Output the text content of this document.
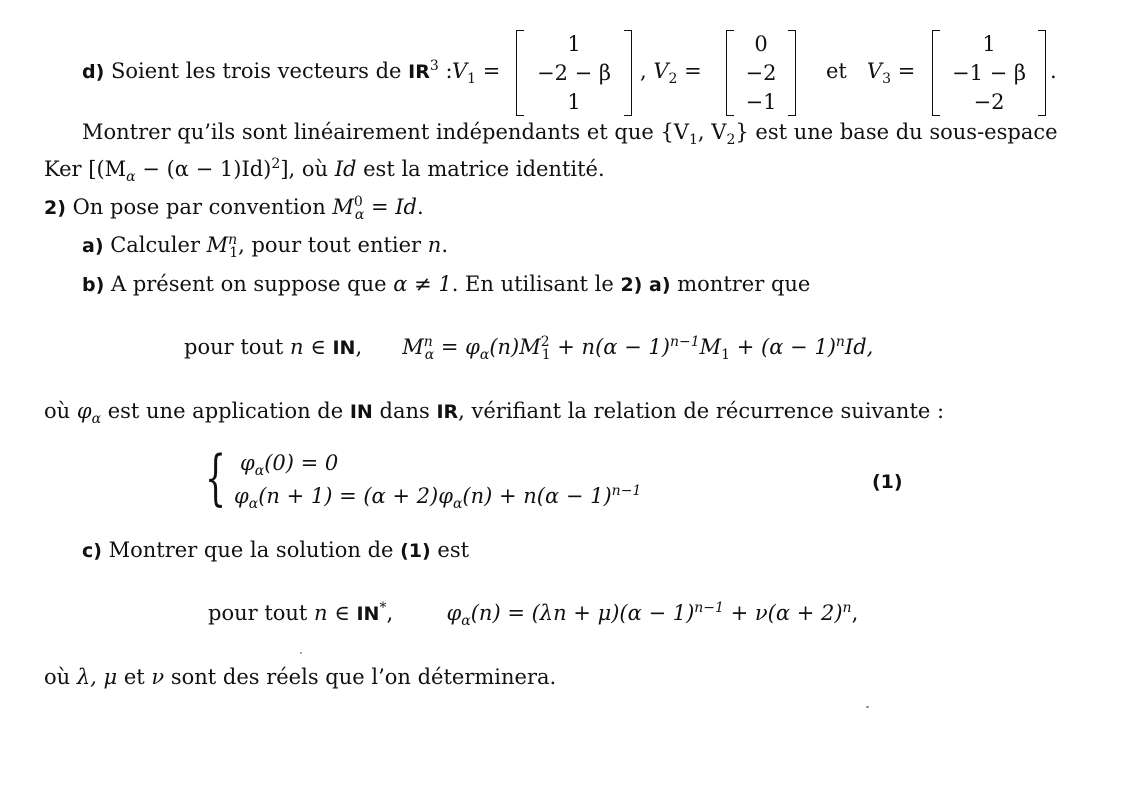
d) Soient les trois vecteurs de $IR^3$ : $V_1$ =
1
−2 − β
1
, $V_2$ =
0
−2
−1
et $V_3$ =
1
−1 − β
−2
.
Montrer qu’ils sont linéairement indépendants et que {$V_1$, $V_2$} est une base du sous-espace
Ker $[(M_\alpha - (\alpha - 1)Id)^2]$, où Id est la matrice identité.
2) On pose par convention $M^0_\alpha = Id$.
a) Calculer $M^n_1$, pour tout entier n.
b) A présent on suppose que α ≠ 1. En utilisant le 2) a) montrer que
pour tout n ∈ IN, $M^n_\alpha = \varphi_\alpha(n)M^2_1 + n(\alpha - 1)^{n-1}M_1 + (\alpha - 1)^nId$,
où $\varphi_\alpha$ est une application de IN dans IR, vérifiant la relation de récurrence suivante :
{ $\varphi_\alpha(0) = 0$
$\varphi_\alpha(n + 1) = (\alpha + 2)\varphi_\alpha(n) + n(\alpha - 1)^{n-1}$	(1)
c) Montrer que la solution de (1) est
pour tout n ∈ IN*,	$\varphi_\alpha(n) = (\lambda n + \mu)(\alpha - 1)^{n-1} + \nu(\alpha + 2)^n$,
où λ, μ et ν sont des réels que l’on déterminera.
